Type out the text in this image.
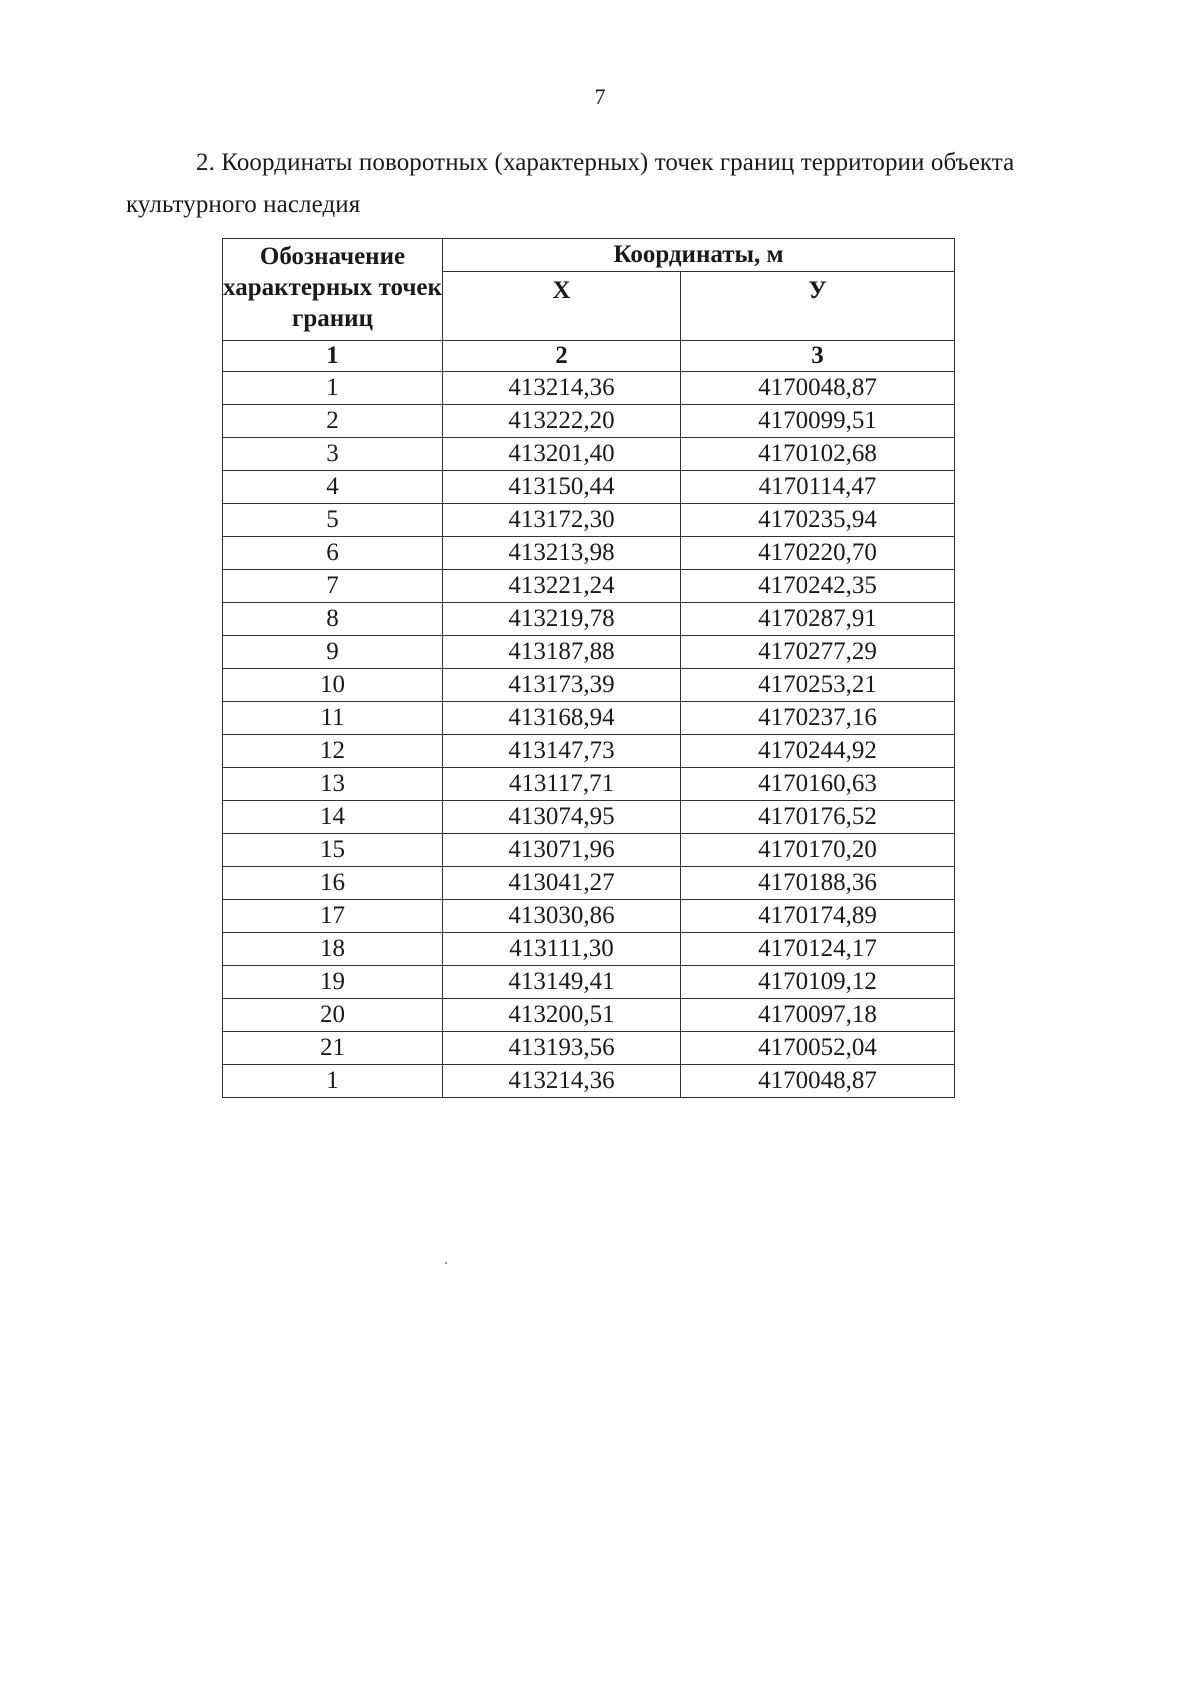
7
2. Координаты поворотных (характерных) точек границ территории объекта культурного наследия
Обозначение характерных точек границ	Координаты, м	
	Х	У
1	2	3
1	413214,36	4170048,87
2	413222,20	4170099,51
3	413201,40	4170102,68
4	413150,44	4170114,47
5	413172,30	4170235,94
6	413213,98	4170220,70
7	413221,24	4170242,35
8	413219,78	4170287,91
9	413187,88	4170277,29
10	413173,39	4170253,21
11	413168,94	4170237,16
12	413147,73	4170244,92
13	413117,71	4170160,63
14	413074,95	4170176,52
15	413071,96	4170170,20
16	413041,27	4170188,36
17	413030,86	4170174,89
18	413111,30	4170124,17
19	413149,41	4170109,12
20	413200,51	4170097,18
21	413193,56	4170052,04
1	413214,36	4170048,87
